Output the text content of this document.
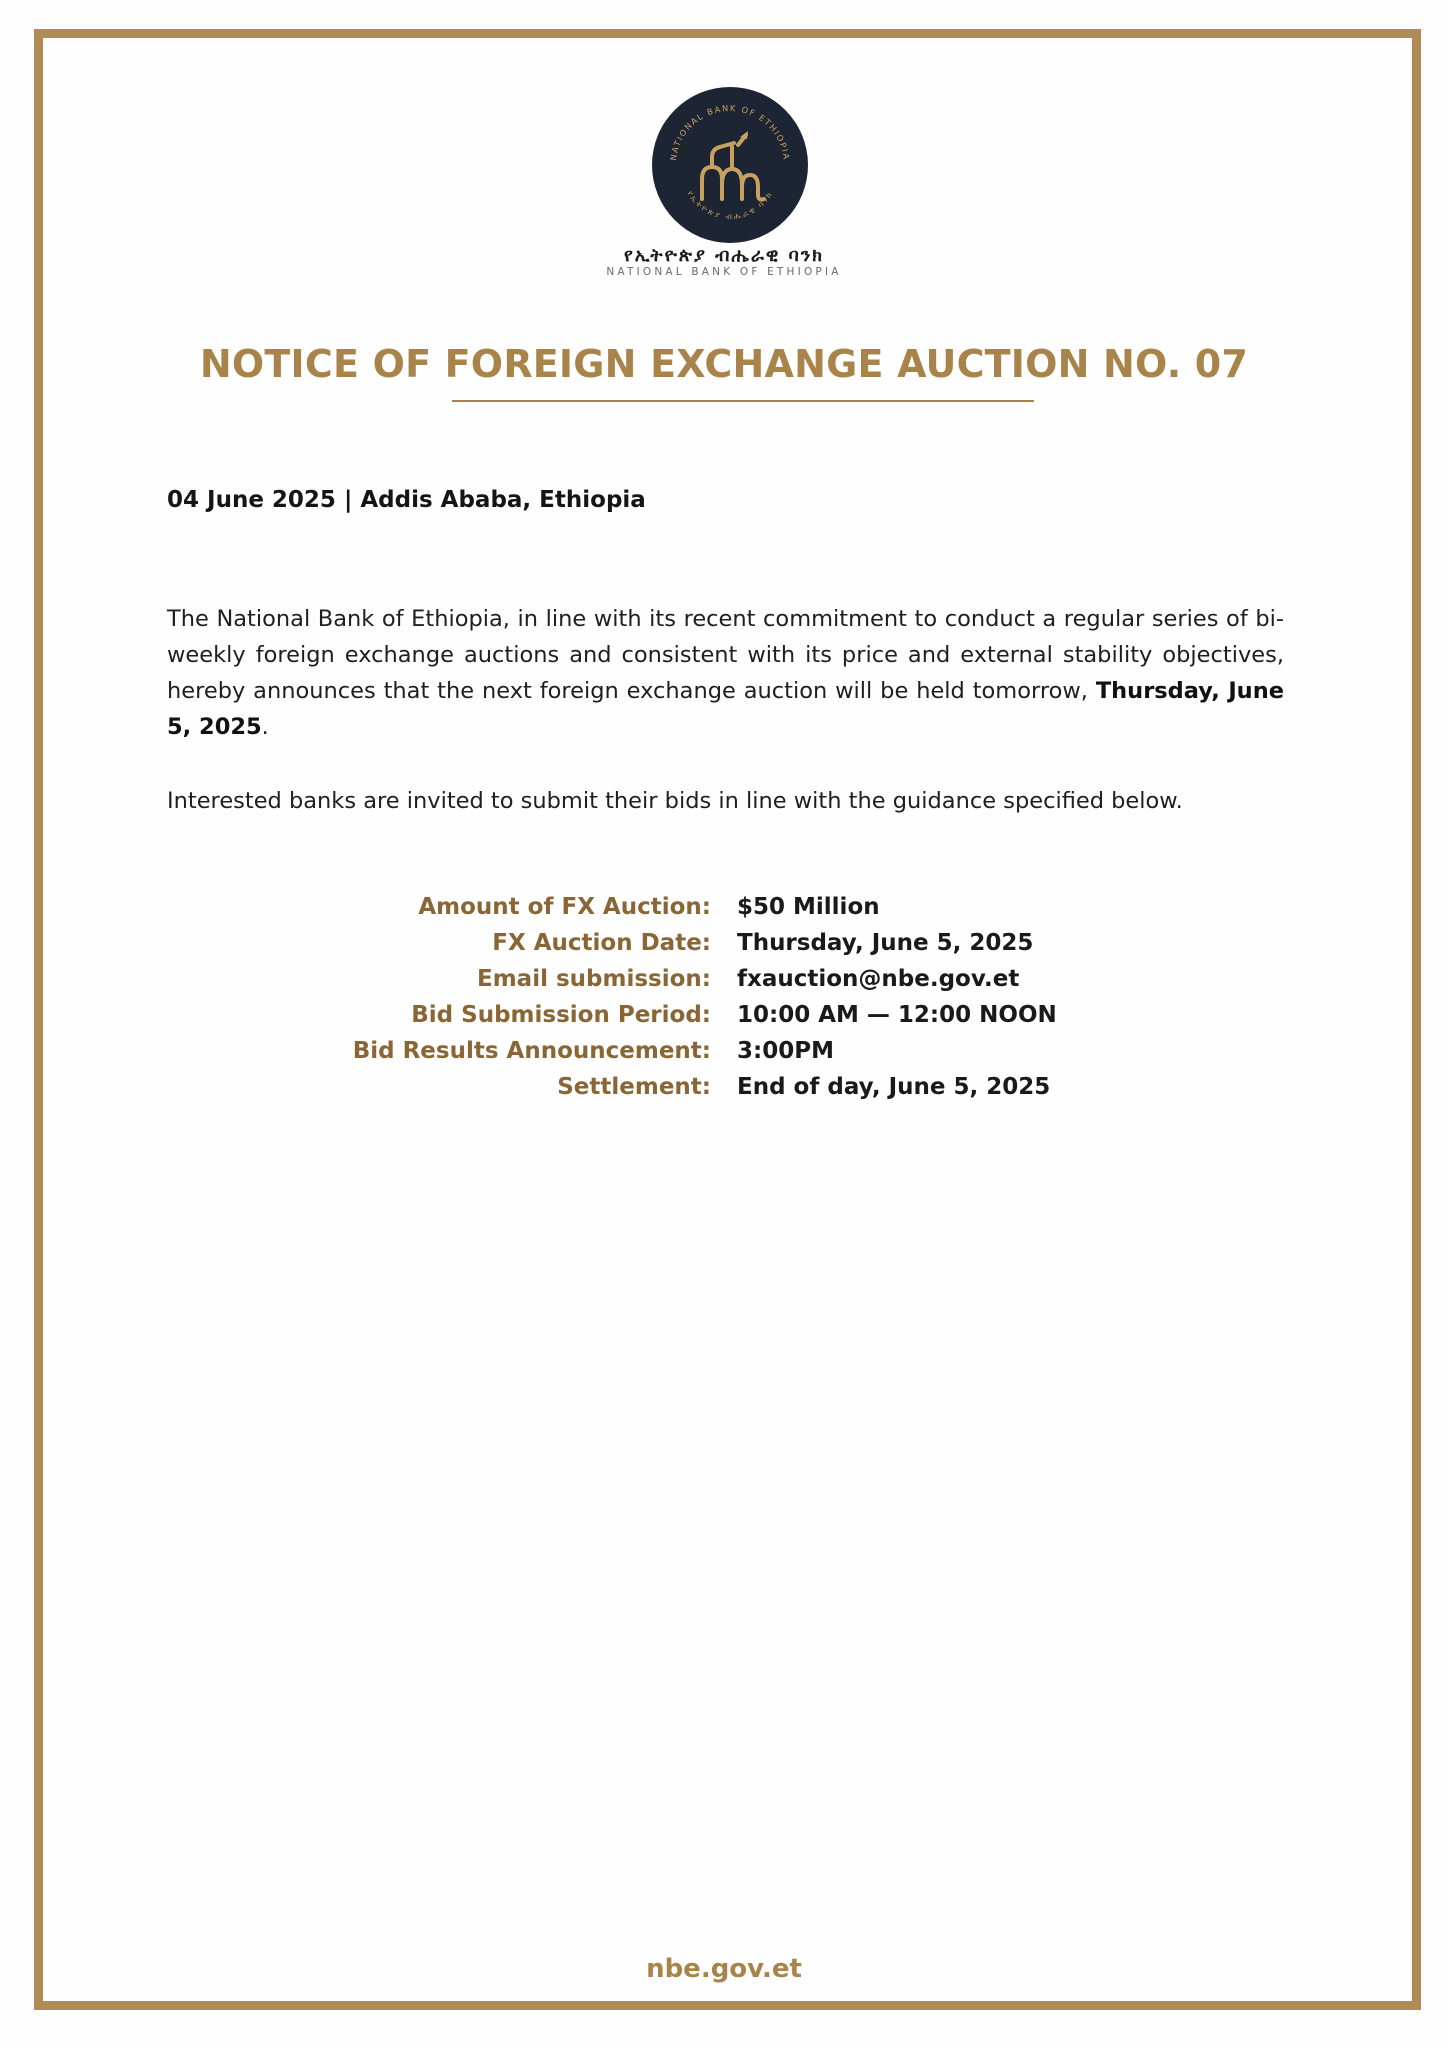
NATIONAL BANK OF ETHIOPIA
የኢትዮጵያ ብሔራዊ ባንክ
የኢትዮጵያ ብሔራዊ ባንክ
NATIONAL BANK OF ETHIOPIA
NOTICE OF FOREIGN EXCHANGE AUCTION NO. 07
04 June 2025 | Addis Ababa, Ethiopia

The National Bank of Ethiopia, in line with its recent commitment to conduct a regular series of bi-weekly foreign exchange auctions and consistent with its price and external stability objectives, hereby announces that the next foreign exchange auction will be held tomorrow, Thursday, June 5, 2025.

Interested banks are invited to submit their bids in line with the guidance specified below.

Amount of FX Auction:	$50 Million
FX Auction Date:	Thursday, June 5, 2025
Email submission:	fxauction@nbe.gov.et
Bid Submission Period:	10:00 AM — 12:00 NOON
Bid Results Announcement:	3:00PM
Settlement:	End of day, June 5, 2025
nbe.gov.et
